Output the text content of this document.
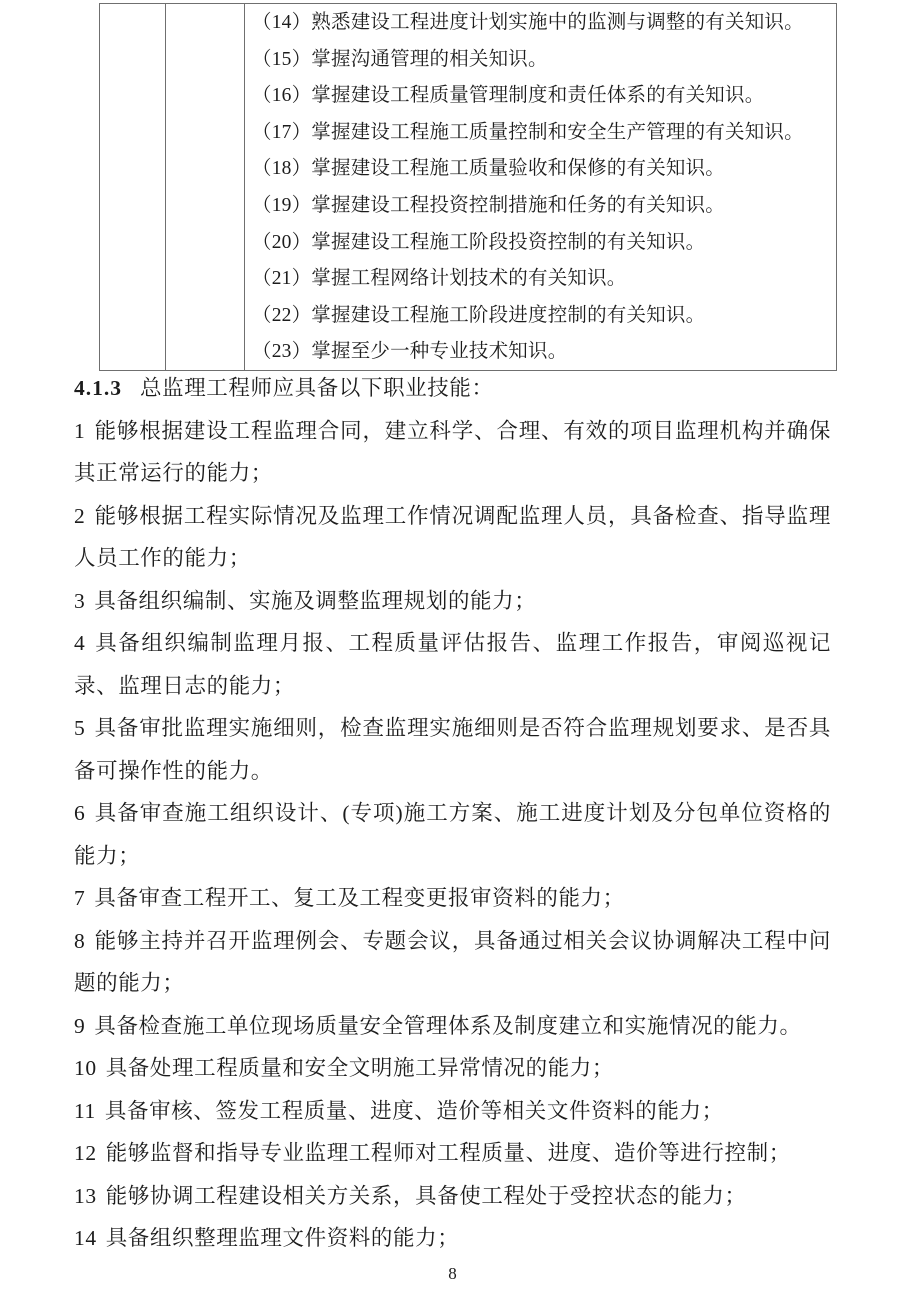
（14）熟悉建设工程进度计划实施中的监测与调整的有关知识。
（15）掌握沟通管理的相关知识。
（16）掌握建设工程质量管理制度和责任体系的有关知识。
（17）掌握建设工程施工质量控制和安全生产管理的有关知识。
（18）掌握建设工程施工质量验收和保修的有关知识。
（19）掌握建设工程投资控制措施和任务的有关知识。
（20）掌握建设工程施工阶段投资控制的有关知识。
（21）掌握工程网络计划技术的有关知识。
（22）掌握建设工程施工阶段进度控制的有关知识。
（23）掌握至少一种专业技术知识。

4.1.3 总监理工程师应具备以下职业技能：

1 能够根据建设工程监理合同，建立科学、合理、有效的项目监理机构并确保其正常运行的能力；

2 能够根据工程实际情况及监理工作情况调配监理人员，具备检查、指导监理人员工作的能力；

3 具备组织编制、实施及调整监理规划的能力；

4 具备组织编制监理月报、工程质量评估报告、监理工作报告，审阅巡视记录、监理日志的能力；

5 具备审批监理实施细则，检查监理实施细则是否符合监理规划要求、是否具备可操作性的能力。

6 具备审查施工组织设计、(专项)施工方案、施工进度计划及分包单位资格的能力；

7 具备审查工程开工、复工及工程变更报审资料的能力；

8 能够主持并召开监理例会、专题会议，具备通过相关会议协调解决工程中问题的能力；

9 具备检查施工单位现场质量安全管理体系及制度建立和实施情况的能力。

10 具备处理工程质量和安全文明施工异常情况的能力；

11 具备审核、签发工程质量、进度、造价等相关文件资料的能力；

12 能够监督和指导专业监理工程师对工程质量、进度、造价等进行控制；

13 能够协调工程建设相关方关系，具备使工程处于受控状态的能力；

14 具备组织整理监理文件资料的能力；

8
